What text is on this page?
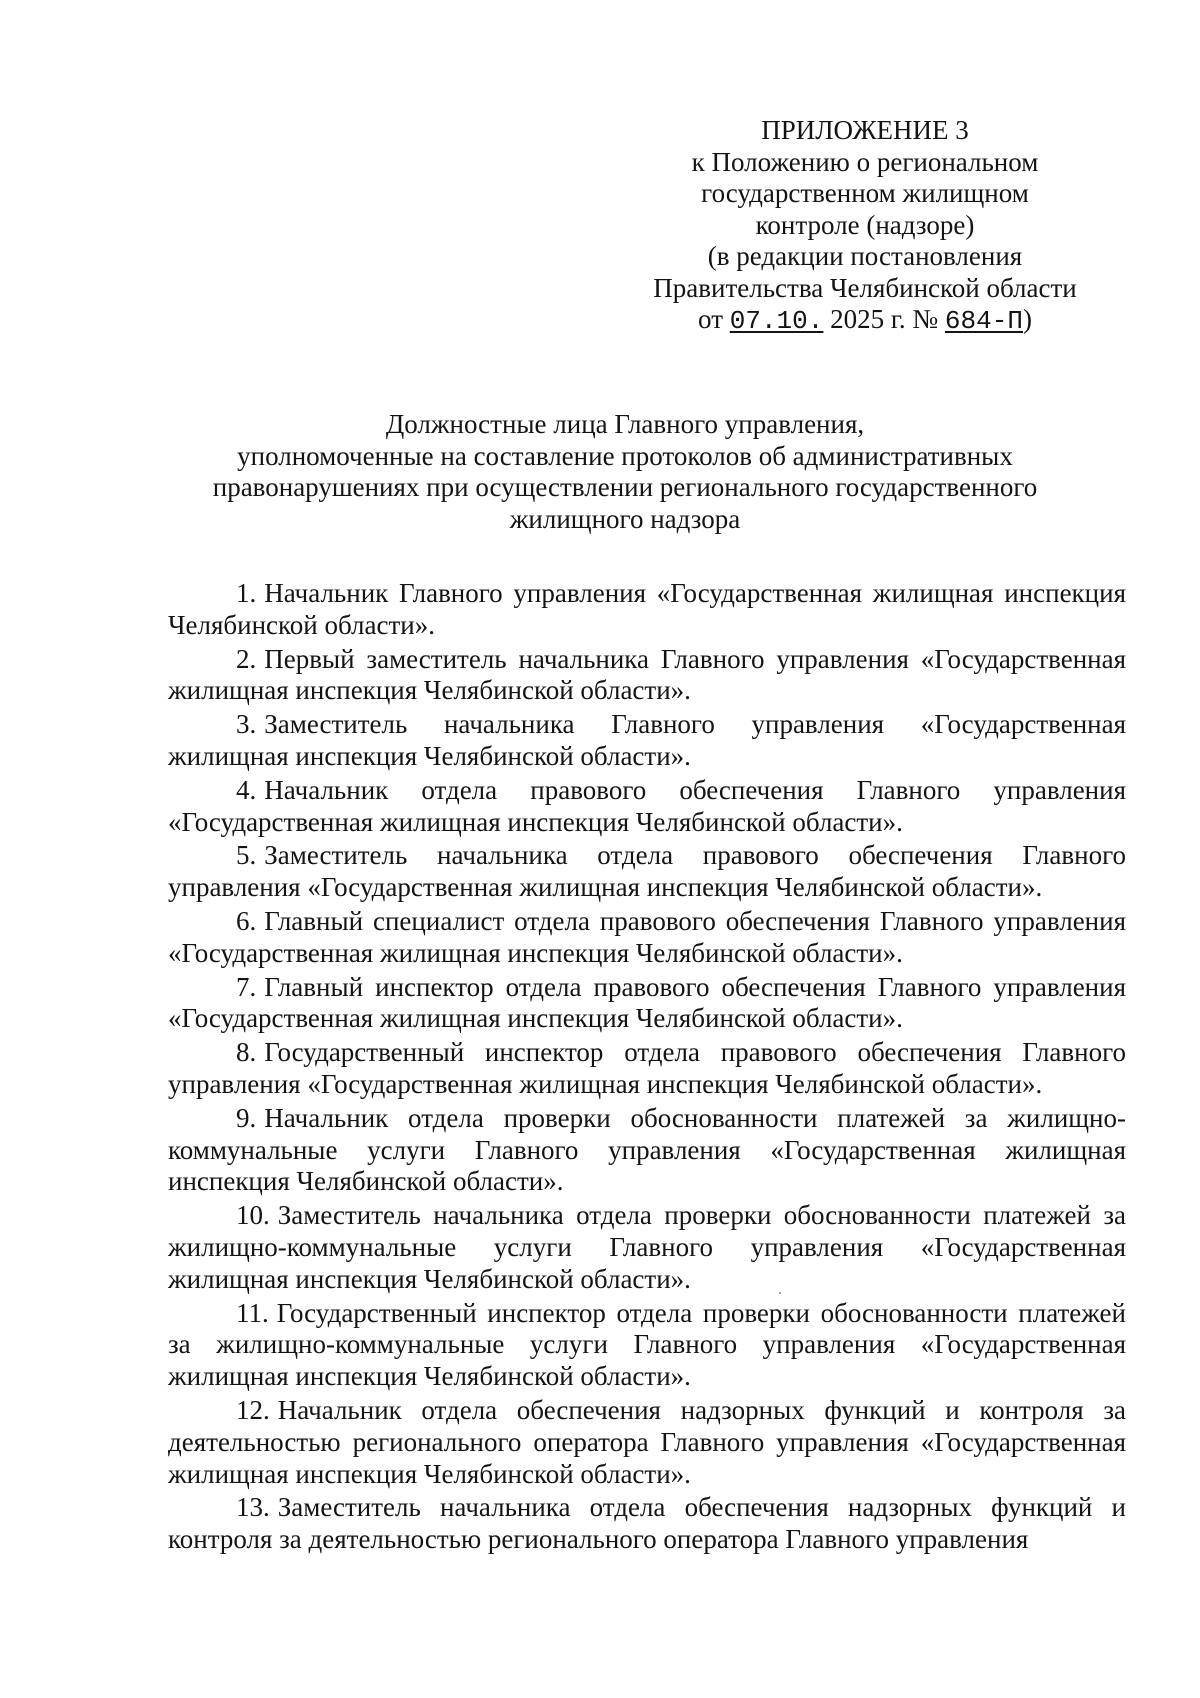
ПРИЛОЖЕНИЕ 3
к Положению о региональном
государственном жилищном
контроле (надзоре)
(в редакции постановления
Правительства Челябинской области
от 07.10. 2025 г. № 684-П)
Должностные лица Главного управления,
уполномоченные на составление протоколов об административных
правонарушениях при осуществлении регионального государственного
жилищного надзора

1. Начальник Главного управления «Государственная жилищная инспекция Челябинской области».

2. Первый заместитель начальника Главного управления «Государственная жилищная инспекция Челябинской области».

3. Заместитель начальника Главного управления «Государственная жилищная инспекция Челябинской области».

4. Начальник отдела правового обеспечения Главного управления «Государственная жилищная инспекция Челябинской области».

5. Заместитель начальника отдела правового обеспечения Главного управления «Государственная жилищная инспекция Челябинской области».

6. Главный специалист отдела правового обеспечения Главного управления «Государственная жилищная инспекция Челябинской области».

7. Главный инспектор отдела правового обеспечения Главного управления «Государственная жилищная инспекция Челябинской области».

8. Государственный инспектор отдела правового обеспечения Главного управления «Государственная жилищная инспекция Челябинской области».

9. Начальник отдела проверки обоснованности платежей за жилищно-коммунальные услуги Главного управления «Государственная жилищная инспекция Челябинской области».

10. Заместитель начальника отдела проверки обоснованности платежей за жилищно-коммунальные услуги Главного управления «Государственная жилищная инспекция Челябинской области».

11. Государственный инспектор отдела проверки обоснованности платежей за жилищно-коммунальные услуги Главного управления «Государственная жилищная инспекция Челябинской области».

12. Начальник отдела обеспечения надзорных функций и контроля за деятельностью регионального оператора Главного управления «Государственная жилищная инспекция Челябинской области».

13. Заместитель начальника отдела обеспечения надзорных функций и контроля за деятельностью регионального оператора Главного управления
